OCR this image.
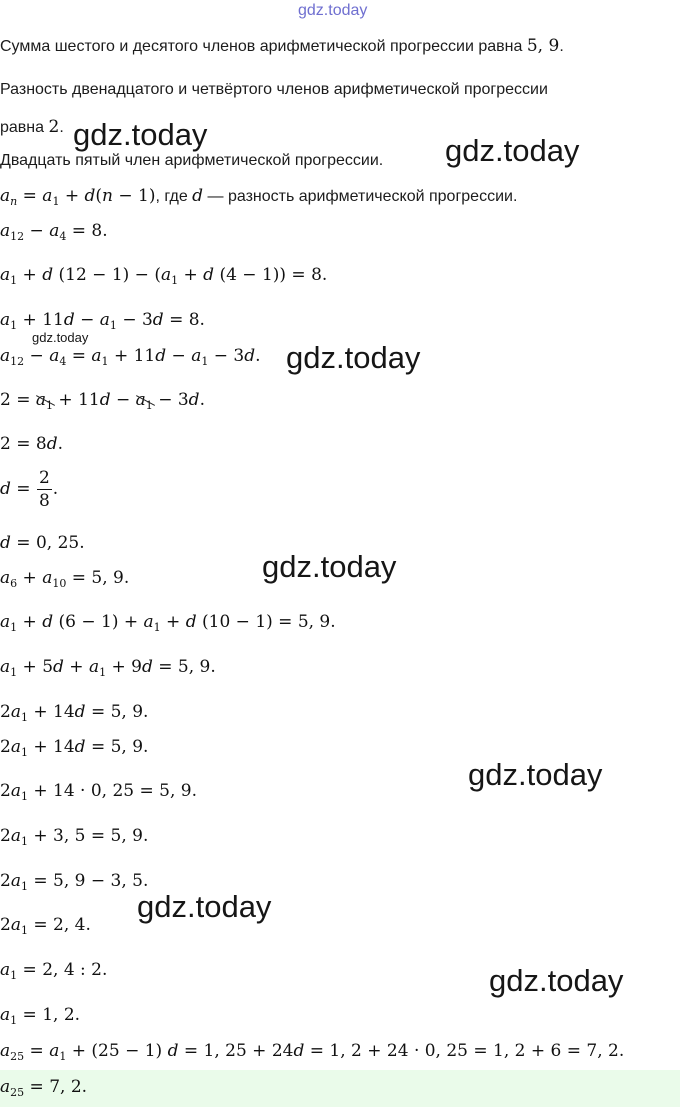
gdz.today
gdz.today	gdz.today
gdz.today
gdz.today
gdz.today
gdz.today
gdz.today
gdz.today
Сумма шестого и десятого членов арифметической прогрессии равна 5, 9.
Разность двенадцатого и четвёртого членов арифметической прогрессии
равна 2.
Двадцать пятый член арифметической прогрессии.
$a_n = a_1 + d(n - 1)$, где d — разность арифметической прогрессии.
$a_{12} - a_4 = 8$.
$a_1 + d$ $(12 - 1) - (a_1 + d$ (4 − 1)) = 8.
$a_1 + 11d - a_1 - 3d = 8$.
$a_{12} - a_4 = a_1 + 11d - a_1 - 3d$.
$2 = a_1 + 11d - a_1 - 3d$.
2 = 8d.
$d = \frac{2}{8}$ .
d = 0, 25.
$a_6 + a_{10} = 5$, 9.
$a_1 + d$ $(6 - 1) + a_1 + d$ (10 − 1) = 5, 9.
$a_1 + 5d + a_1 + 9d = 5$, 9.
$2a_1 + 14d = 5$, 9.
$2a_1 + 14d = 5$, 9.
$2a_1 + 14 \cdot 0$, 25 = 5, 9.
$2a_1 + 3$, 5 = 5, 9.
$2a_1 = 5$, 9 − 3, 5.
$2a_1 = 2$, 4.
$a_1 = 2$, 4 : 2.
$a_1 = 1$, 2.
$a_{25} = a_1 + (25 - 1) d = 1$, 25 + 24d = 1, 2 + 24 · 0, 25 = 1, 2 + 6 = 7, 2.
$a_{25} = 7$, 2.
